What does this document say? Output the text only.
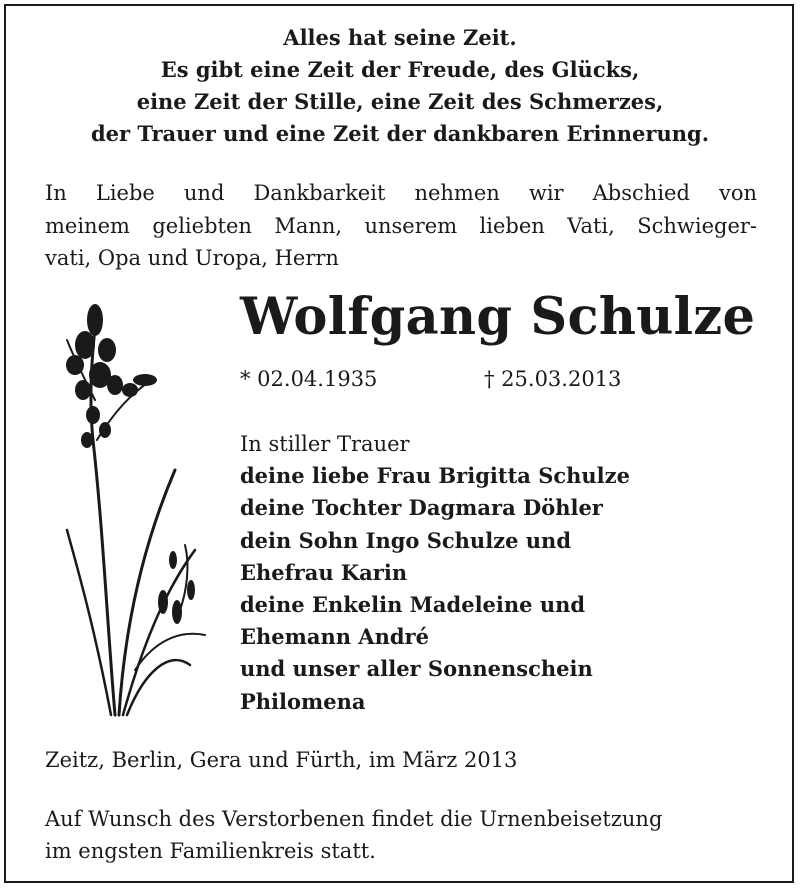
Alles hat seine Zeit.
Es gibt eine Zeit der Freude, des Glücks,
eine Zeit der Stille, eine Zeit des Schmerzes,
der Trauer und eine Zeit der dankbaren Erinnerung.
In Liebe und Dankbarkeit nehmen wir Abschied von
meinem geliebten Mann, unserem lieben Vati, Schwieger-
vati, Opa und Uropa, Herrn
Wolfgang Schulze
* 02.04.1935	† 25.03.2013
In stiller Trauer
deine liebe Frau Brigitta Schulze
deine Tochter Dagmara Döhler
dein Sohn Ingo Schulze und
Ehefrau Karin
deine Enkelin Madeleine und
Ehemann André
und unser aller Sonnenschein
Philomena
Zeitz, Berlin, Gera und Fürth, im März 2013
Auf Wunsch des Verstorbenen findet die Urnenbeisetzung
im engsten Familienkreis statt.
